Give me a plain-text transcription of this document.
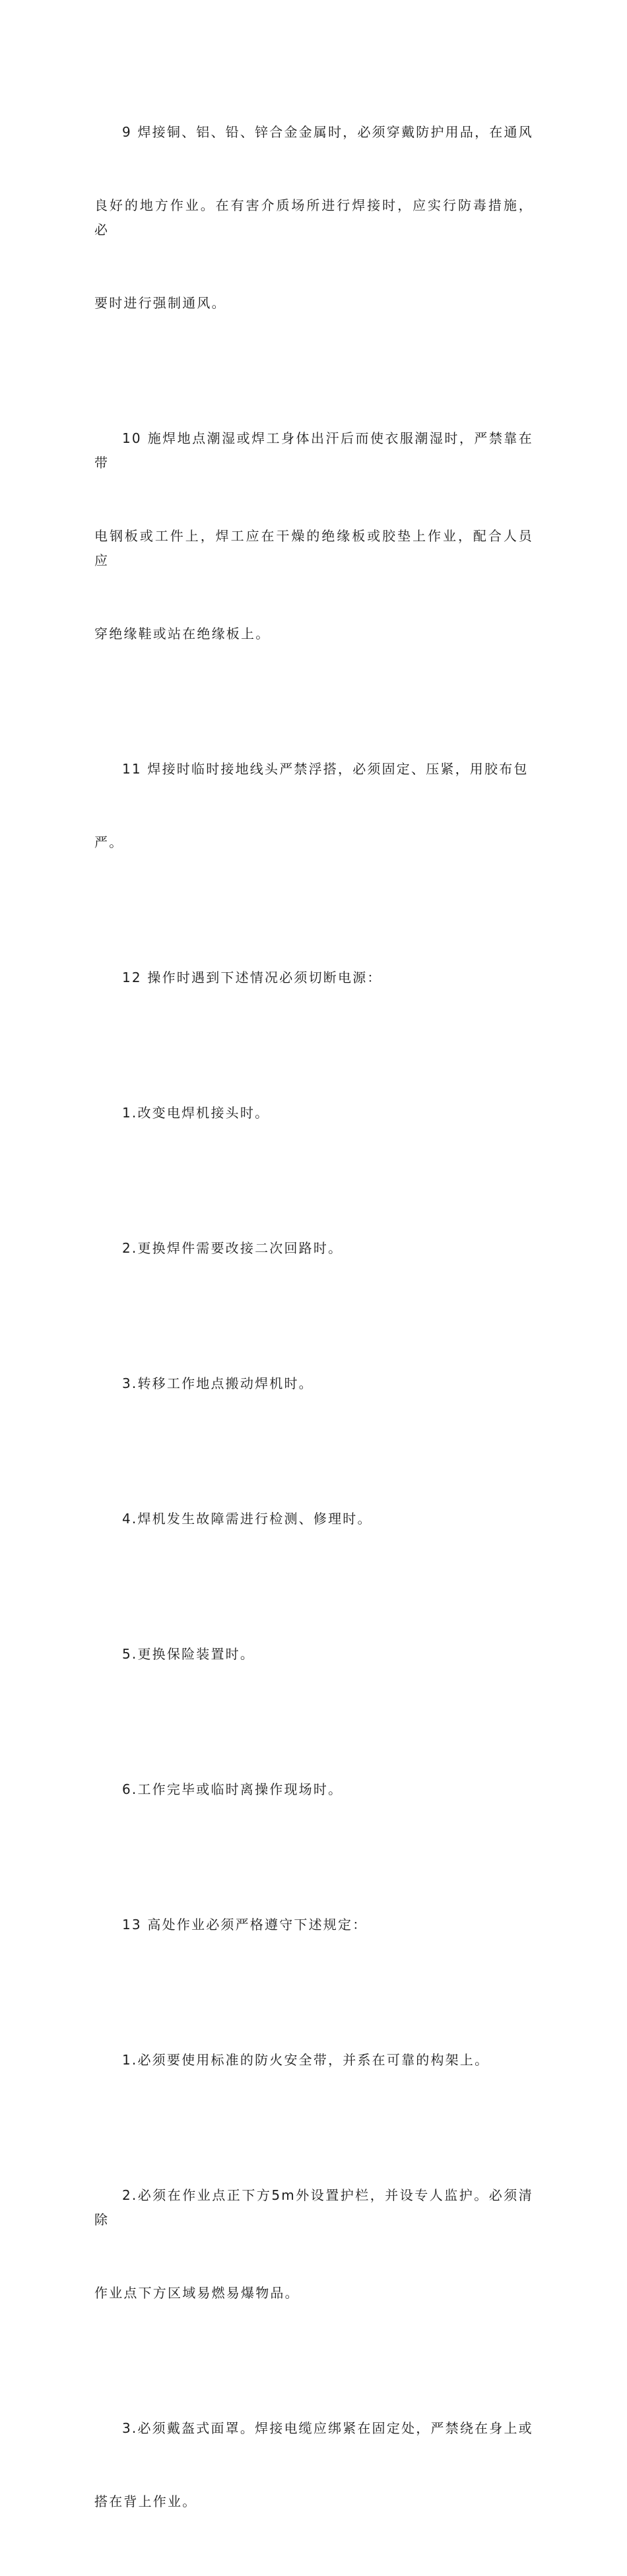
9 焊接铜、铝、铅、锌合金金属时，必须穿戴防护用品，在通风

良好的地方作业。在有害介质场所进行焊接时，应实行防毒措施，必

要时进行强制通风。

10 施焊地点潮湿或焊工身体出汗后而使衣服潮湿时，严禁靠在带

电钢板或工件上，焊工应在干燥的绝缘板或胶垫上作业，配合人员应

穿绝缘鞋或站在绝缘板上。

11 焊接时临时接地线头严禁浮搭，必须固定、压紧，用胶布包

严。

12 操作时遇到下述情况必须切断电源：

1.改变电焊机接头时。

2.更换焊件需要改接二次回路时。

3.转移工作地点搬动焊机时。

4.焊机发生故障需进行检测、修理时。

5.更换保险装置时。

6.工作完毕或临时离操作现场时。

13 高处作业必须严格遵守下述规定：

1.必须要使用标准的防火安全带，并系在可靠的构架上。

2.必须在作业点正下方5m外设置护栏，并设专人监护。必须清除

作业点下方区域易燃易爆物品。

3.必须戴盔式面罩。焊接电缆应绑紧在固定处，严禁绕在身上或

搭在背上作业。
